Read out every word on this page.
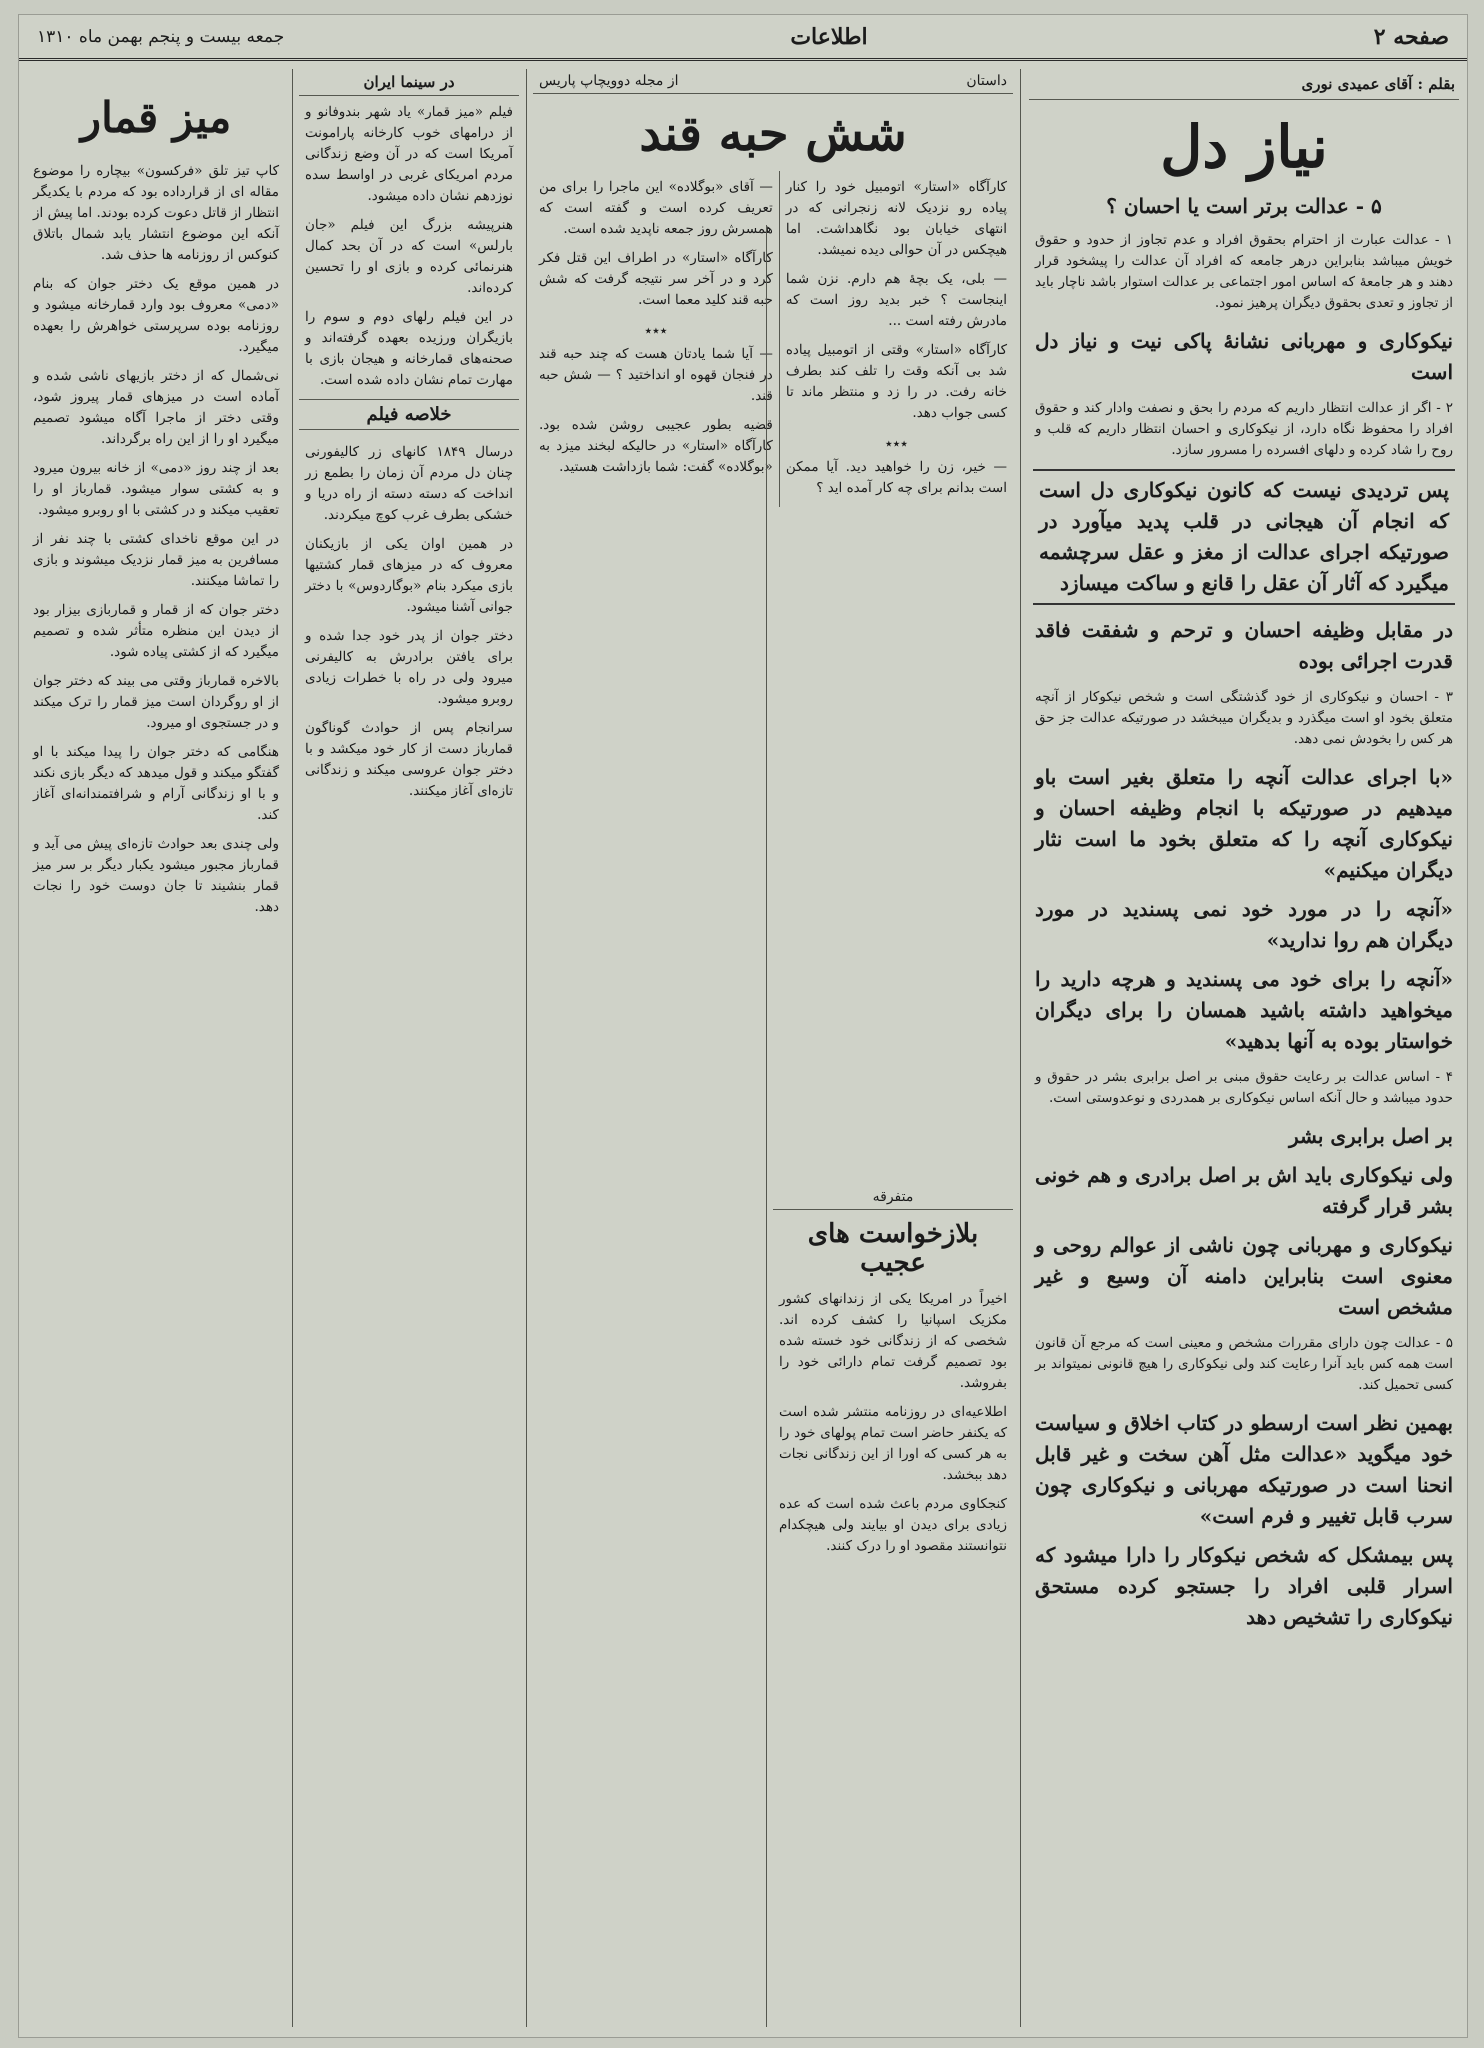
صفحه ۲
اطلاعات
جمعه بیست و پنجم بهمن ماه ۱۳۱۰
بقلم : آقای عمیدی نوری
نیاز دل
۵ - عدالت برتر است یا احسان ؟

۱ - عدالت عبارت از احترام بحقوق افراد و عدم تجاوز از حدود و حقوق خویش میباشد بنابراین درهر جامعه که افراد آن عدالت را پیشخود قرار دهند و هر جامعهٔ که اساس امور اجتماعی بر عدالت استوار باشد ناچار باید از تجاوز و تعدی بحقوق دیگران پرهیز نمود.

نیکوکاری و مهربانی نشانهٔ پاکی نیت و نیاز دل است

۲ - اگر از عدالت انتظار داریم که مردم را بحق و نصفت وادار کند و حقوق افراد را محفوظ نگاه دارد، از نیکوکاری و احسان انتظار داریم که قلب و روح را شاد کرده و دلهای افسرده را مسرور سازد.

پس تردیدی نیست که کانون نیکوکاری دل است که انجام آن هیجانی در قلب پدید میآورد در صورتیکه اجرای عدالت از مغز و عقل سرچشمه میگیرد که آثار آن عقل را قانع و ساکت میسازد
در مقابل وظیفه احسان و ترحم و شفقت فاقد قدرت اجرائی بوده

۳ - احسان و نیکوکاری از خود گذشتگی است و شخص نیکوکار از آنچه متعلق بخود او است میگذرد و بدیگران میبخشد در صورتیکه عدالت جز حق هر کس را بخودش نمی دهد.

«با اجرای عدالت آنچه را متعلق بغیر است باو میدهیم در صورتیکه با انجام وظیفه احسان و نیکوکاری آنچه را که متعلق بخود ما است نثار دیگران میکنیم»
«آنچه را در مورد خود نمی پسندید در مورد دیگران هم روا ندارید»
«آنچه را برای خود می پسندید و هرچه دارید را میخواهید داشته باشید همسان را برای دیگران خواستار بوده به آنها بدهید»

۴ - اساس عدالت بر رعایت حقوق مبنی بر اصل برابری بشر در حقوق و حدود میباشد و حال آنکه اساس نیکوکاری بر همدردی و نوعدوستی است.

بر اصل برابری بشر
ولی نیکوکاری باید اش بر اصل برادری و هم خونی بشر قرار گرفته
نیکوکاری و مهربانی چون ناشی از عوالم روحی و معنوی است بنابراین دامنه آن وسیع و غیر مشخص است

۵ - عدالت چون دارای مقررات مشخص و معینی است که مرجع آن قانون است همه کس باید آنرا رعایت کند ولی نیکوکاری را هیچ قانونی نمیتواند بر کسی تحمیل کند.

بهمین نظر است ارسطو در کتاب اخلاق و سیاست خود میگوید «عدالت مثل آهن سخت و غیر قابل انحنا است در صورتیکه مهربانی و نیکوکاری چون سرب قابل تغییر و فرم است»
پس بیمشکل که شخص نیکوکار را دارا میشود که اسرار قلبی افراد را جستجو کرده مستحق نیکوکاری را تشخیص دهد
داستان
از مجله دوویچاپ پاریس
شش حبه قند

کارآگاه «استار» اتومبیل خود را کنار پیاده رو نزدیک لانه زنجرانی که در انتهای خیابان بود نگاهداشت. اما هیچکس در آن حوالی دیده نمیشد.

— بلی، یک بچهٔ هم دارم. نزن شما اینجاست ؟ خبر بدید روز است که مادرش رفته است ...

کارآگاه «استار» وقتی از اتومبیل پیاده شد بی آنکه وقت را تلف کند بطرف خانه رفت. در را زد و منتظر ماند تا کسی جواب دهد.

٭٭٭

— خیر، زن را خواهید دید. آیا ممکن است بدانم برای چه کار آمده اید ؟

— آقای «بوگلاده» این ماجرا را برای من تعریف کرده است و گفته است که همسرش روز جمعه ناپدید شده است.

کارآگاه «استار» در اطراف این قتل فکر کرد و در آخر سر نتیجه گرفت که شش حبه قند کلید معما است.

٭٭٭

— آیا شما یادتان هست که چند حبه قند در فنجان قهوه او انداختید ؟ — شش حبه قند.

قضیه بطور عجیبی روشن شده بود. کارآگاه «استار» در حالیکه لبخند میزد به «بوگلاده» گفت: شما بازداشت هستید.

متفرقه
بلازخواست های عجیب

اخیراً در امریکا یکی از زندانهای کشور مکزیک اسپانیا را کشف کرده اند. شخصی که از زندگانی خود خسته شده بود تصمیم گرفت تمام دارائی خود را بفروشد.

اطلاعیه‌ای در روزنامه منتشر شده است که یکنفر حاضر است تمام پولهای خود را به هر کسی که اورا از این زندگانی نجات دهد ببخشد.

کنجکاوی مردم باعث شده است که عده زیادی برای دیدن او بیایند ولی هیچکدام نتوانستند مقصود او را درک کنند.

در سینما ایران

فیلم «میز قمار» یاد شهر بندوفانو و از درامهای خوب کارخانه پارامونت آمریکا است که در آن وضع زندگانی مردم امریکای غربی در اواسط سده نوزدهم نشان داده میشود.

هنرپیشه بزرگ این فیلم «جان بارلس» است که در آن بحد کمال هنرنمائی کرده و بازی او را تحسین کرده‌اند.

در این فیلم رلهای دوم و سوم را بازیگران ورزیده بعهده گرفته‌اند و صحنه‌های قمارخانه و هیجان بازی با مهارت تمام نشان داده شده است.

خلاصه فیلم

درسال ۱۸۴۹ کانهای زر کالیفورنی چنان دل مردم آن زمان را بطمع زر انداخت که دسته دسته از راه دریا و خشکی بطرف غرب کوچ میکردند.

در همین اوان یکی از بازیکنان معروف که در میزهای قمار کشتیها بازی میکرد بنام «بوگاردوس» با دختر جوانی آشنا میشود.

دختر جوان از پدر خود جدا شده و برای یافتن برادرش به کالیفرنی میرود ولی در راه با خطرات زیادی روبرو میشود.

سرانجام پس از حوادث گوناگون قمارباز دست از کار خود میکشد و با دختر جوان عروسی میکند و زندگانی تازه‌ای آغاز میکنند.

میز قمار

کاپ تیز تلق «فرکسون» بیچاره را موضوع مقاله ای از قرارداده بود که مردم با یکدیگر انتظار از قاتل دعوت کرده بودند. اما پیش از آنکه این موضوع انتشار یابد شمال باتلاق کنوکس از روزنامه ها حذف شد.

در همین موقع یک دختر جوان که بنام «دمی» معروف بود وارد قمارخانه میشود و روزنامه بوده سرپرستی خواهرش را بعهده میگیرد.

نی‌شمال که از دختر بازیهای ناشی شده و آماده است در میزهای قمار پیروز شود، وقتی دختر از ماجرا آگاه میشود تصمیم میگیرد او را از این راه برگرداند.

بعد از چند روز «دمی» از خانه بیرون میرود و به کشتی سوار میشود. قمارباز او را تعقیب میکند و در کشتی با او روبرو میشود.

در این موقع ناخدای کشتی با چند نفر از مسافرین به میز قمار نزدیک میشوند و بازی را تماشا میکنند.

دختر جوان که از قمار و قماربازی بیزار بود از دیدن این منظره متأثر شده و تصمیم میگیرد که از کشتی پیاده شود.

بالاخره قمارباز وقتی می بیند که دختر جوان از او روگردان است میز قمار را ترک میکند و در جستجوی او میرود.

هنگامی که دختر جوان را پیدا میکند با او گفتگو میکند و قول میدهد که دیگر بازی نکند و با او زندگانی آرام و شرافتمندانه‌ای آغاز کند.

ولی چندی بعد حوادث تازه‌ای پیش می آید و قمارباز مجبور میشود یکبار دیگر بر سر میز قمار بنشیند تا جان دوست خود را نجات دهد.
